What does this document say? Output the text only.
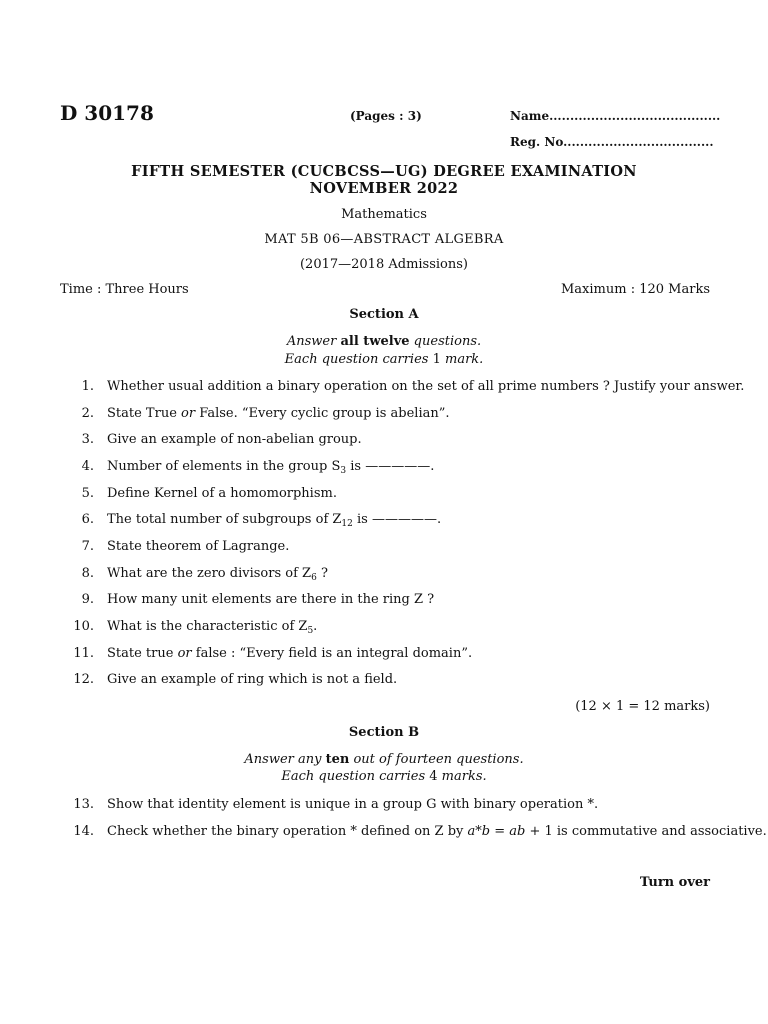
D 30178	(Pages : 3)	Name.........................................
Reg. No....................................
FIFTH SEMESTER (CUCBCSS—UG) DEGREE EXAMINATION
NOVEMBER 2022
Mathematics
MAT 5B 06—ABSTRACT ALGEBRA
(2017—2018 Admissions)
Time : Three Hours	Maximum : 120 Marks
Section A
Answer all twelve questions.
Each question carries 1 mark.
1. Whether usual addition a binary operation on the set of all prime numbers ? Justify your answer.
2. State True or False. “Every cyclic group is abelian”.
3. Give an example of non-abelian group.
4. Number of elements in the group $S_3$ is —————.
5. Define Kernel of a homomorphism.
6. The total number of subgroups of $Z_{12}$ is —————.
7. State theorem of Lagrange.
8. What are the zero divisors of $Z_6$ ?
9. How many unit elements are there in the ring Z ?
10. What is the characteristic of $Z_5$.
11. State true or false : “Every field is an integral domain”.
12. Give an example of ring which is not a field.
(12 × 1 = 12 marks)
Section B
Answer any ten out of fourteen questions.
Each question carries 4 marks.
13. Show that identity element is unique in a group G with binary operation *.
14. Check whether the binary operation * defined on Z by a*b = ab + 1 is commutative and associative.
Turn over
